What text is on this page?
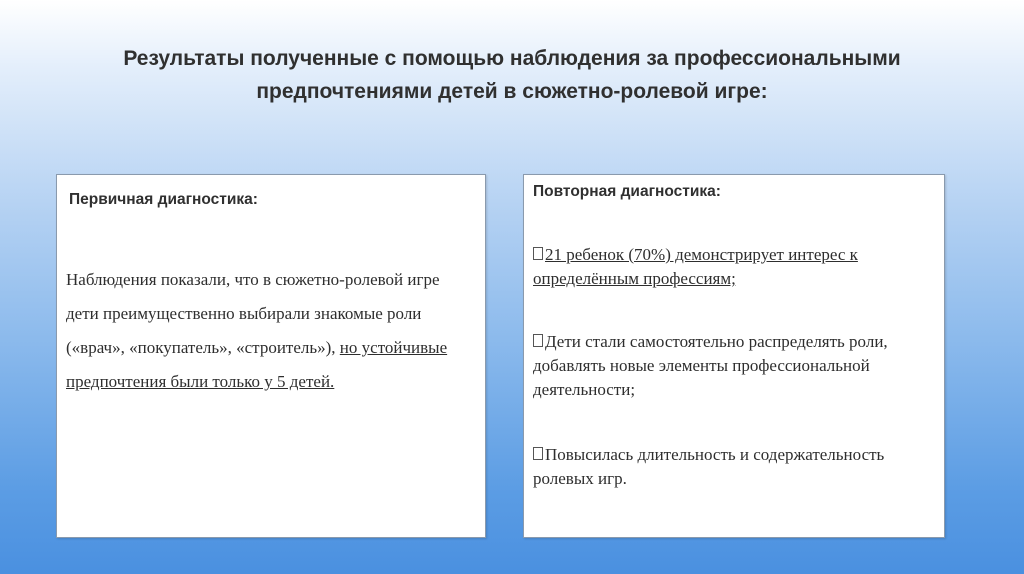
Результаты полученные с помощью наблюдения за профессиональными
предпочтениями детей в сюжетно-ролевой игре:
Первичная диагностика:
Наблюдения показали, что в сюжетно-ролевой игре дети преимущественно выбирали знакомые роли («врач», «покупатель», «строитель»), но устойчивые предпочтения были только у 5 детей.
Повторная диагностика:
21 ребенок (70%) демонстрирует интерес к определённым профессиям;
Дети стали самостоятельно распределять роли, добавлять новые элементы профессиональной деятельности;
Повысилась длительность и содержательность ролевых игр.
